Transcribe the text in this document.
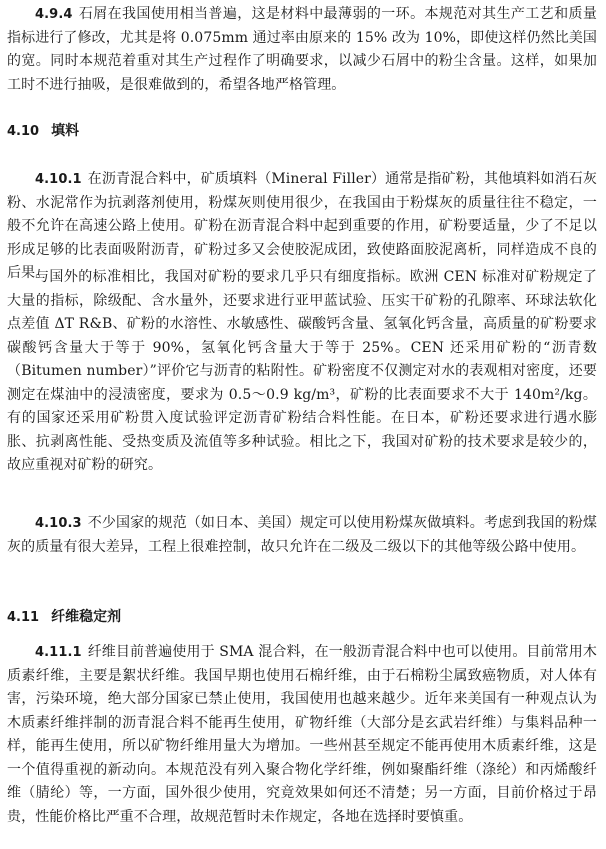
4.9.4 石屑在我国使用相当普遍，这是材料中最薄弱的一环。本规范对其生产工艺和质量指标进行了修改，尤其是将 0.075mm 通过率由原来的 15% 改为 10%，即使这样仍然比美国的宽。同时本规范着重对其生产过程作了明确要求，以减少石屑中的粉尘含量。这样，如果加工时不进行抽吸，是很难做到的，希望各地严格管理。

4.10 填料

4.10.1 在沥青混合料中，矿质填料（Mineral Filler）通常是指矿粉，其他填料如消石灰粉、水泥常作为抗剥落剂使用，粉煤灰则使用很少，在我国由于粉煤灰的质量往往不稳定，一般不允许在高速公路上使用。矿粉在沥青混合料中起到重要的作用，矿粉要适量，少了不足以形成足够的比表面吸附沥青，矿粉过多又会使胶泥成团，致使路面胶泥离析，同样造成不良的后果。

与国外的标准相比，我国对矿粉的要求几乎只有细度指标。欧洲 CEN 标准对矿粉规定了大量的指标，除级配、含水量外，还要求进行亚甲蓝试验、压实干矿粉的孔隙率、环球法软化点差值 ΔT R&B、矿粉的水溶性、水敏感性、碳酸钙含量、氢氧化钙含量，高质量的矿粉要求碳酸钙含量大于等于 90%，氢氧化钙含量大于等于 25%。CEN 还采用矿粉的“沥青数（Bitumen number）”评价它与沥青的粘附性。矿粉密度不仅测定对水的表观相对密度，还要测定在煤油中的浸渍密度，要求为 0.5～0.9 kg/m³，矿粉的比表面要求不大于 140m²/kg。有的国家还采用矿粉贯入度试验评定沥青矿粉结合料性能。在日本，矿粉还要求进行遇水膨胀、抗剥离性能、受热变质及流值等多种试验。相比之下，我国对矿粉的技术要求是较少的，故应重视对矿粉的研究。

4.10.3 不少国家的规范（如日本、美国）规定可以使用粉煤灰做填料。考虑到我国的粉煤灰的质量有很大差异，工程上很难控制，故只允许在二级及二级以下的其他等级公路中使用。

4.11 纤维稳定剂

4.11.1 纤维目前普遍使用于 SMA 混合料，在一般沥青混合料中也可以使用。目前常用木质素纤维，主要是絮状纤维。我国早期也使用石棉纤维，由于石棉粉尘属致癌物质，对人体有害，污染环境，绝大部分国家已禁止使用，我国使用也越来越少。近年来美国有一种观点认为木质素纤维拌制的沥青混合料不能再生使用，矿物纤维（大部分是玄武岩纤维）与集料品种一样，能再生使用，所以矿物纤维用量大为增加。一些州甚至规定不能再使用木质素纤维，这是一个值得重视的新动向。本规范没有列入聚合物化学纤维，例如聚酯纤维（涤纶）和丙烯酸纤维（腈纶）等，一方面，国外很少使用，究竟效果如何还不清楚；另一方面，目前价格过于昂贵，性能价格比严重不合理，故规范暂时未作规定，各地在选择时要慎重。
